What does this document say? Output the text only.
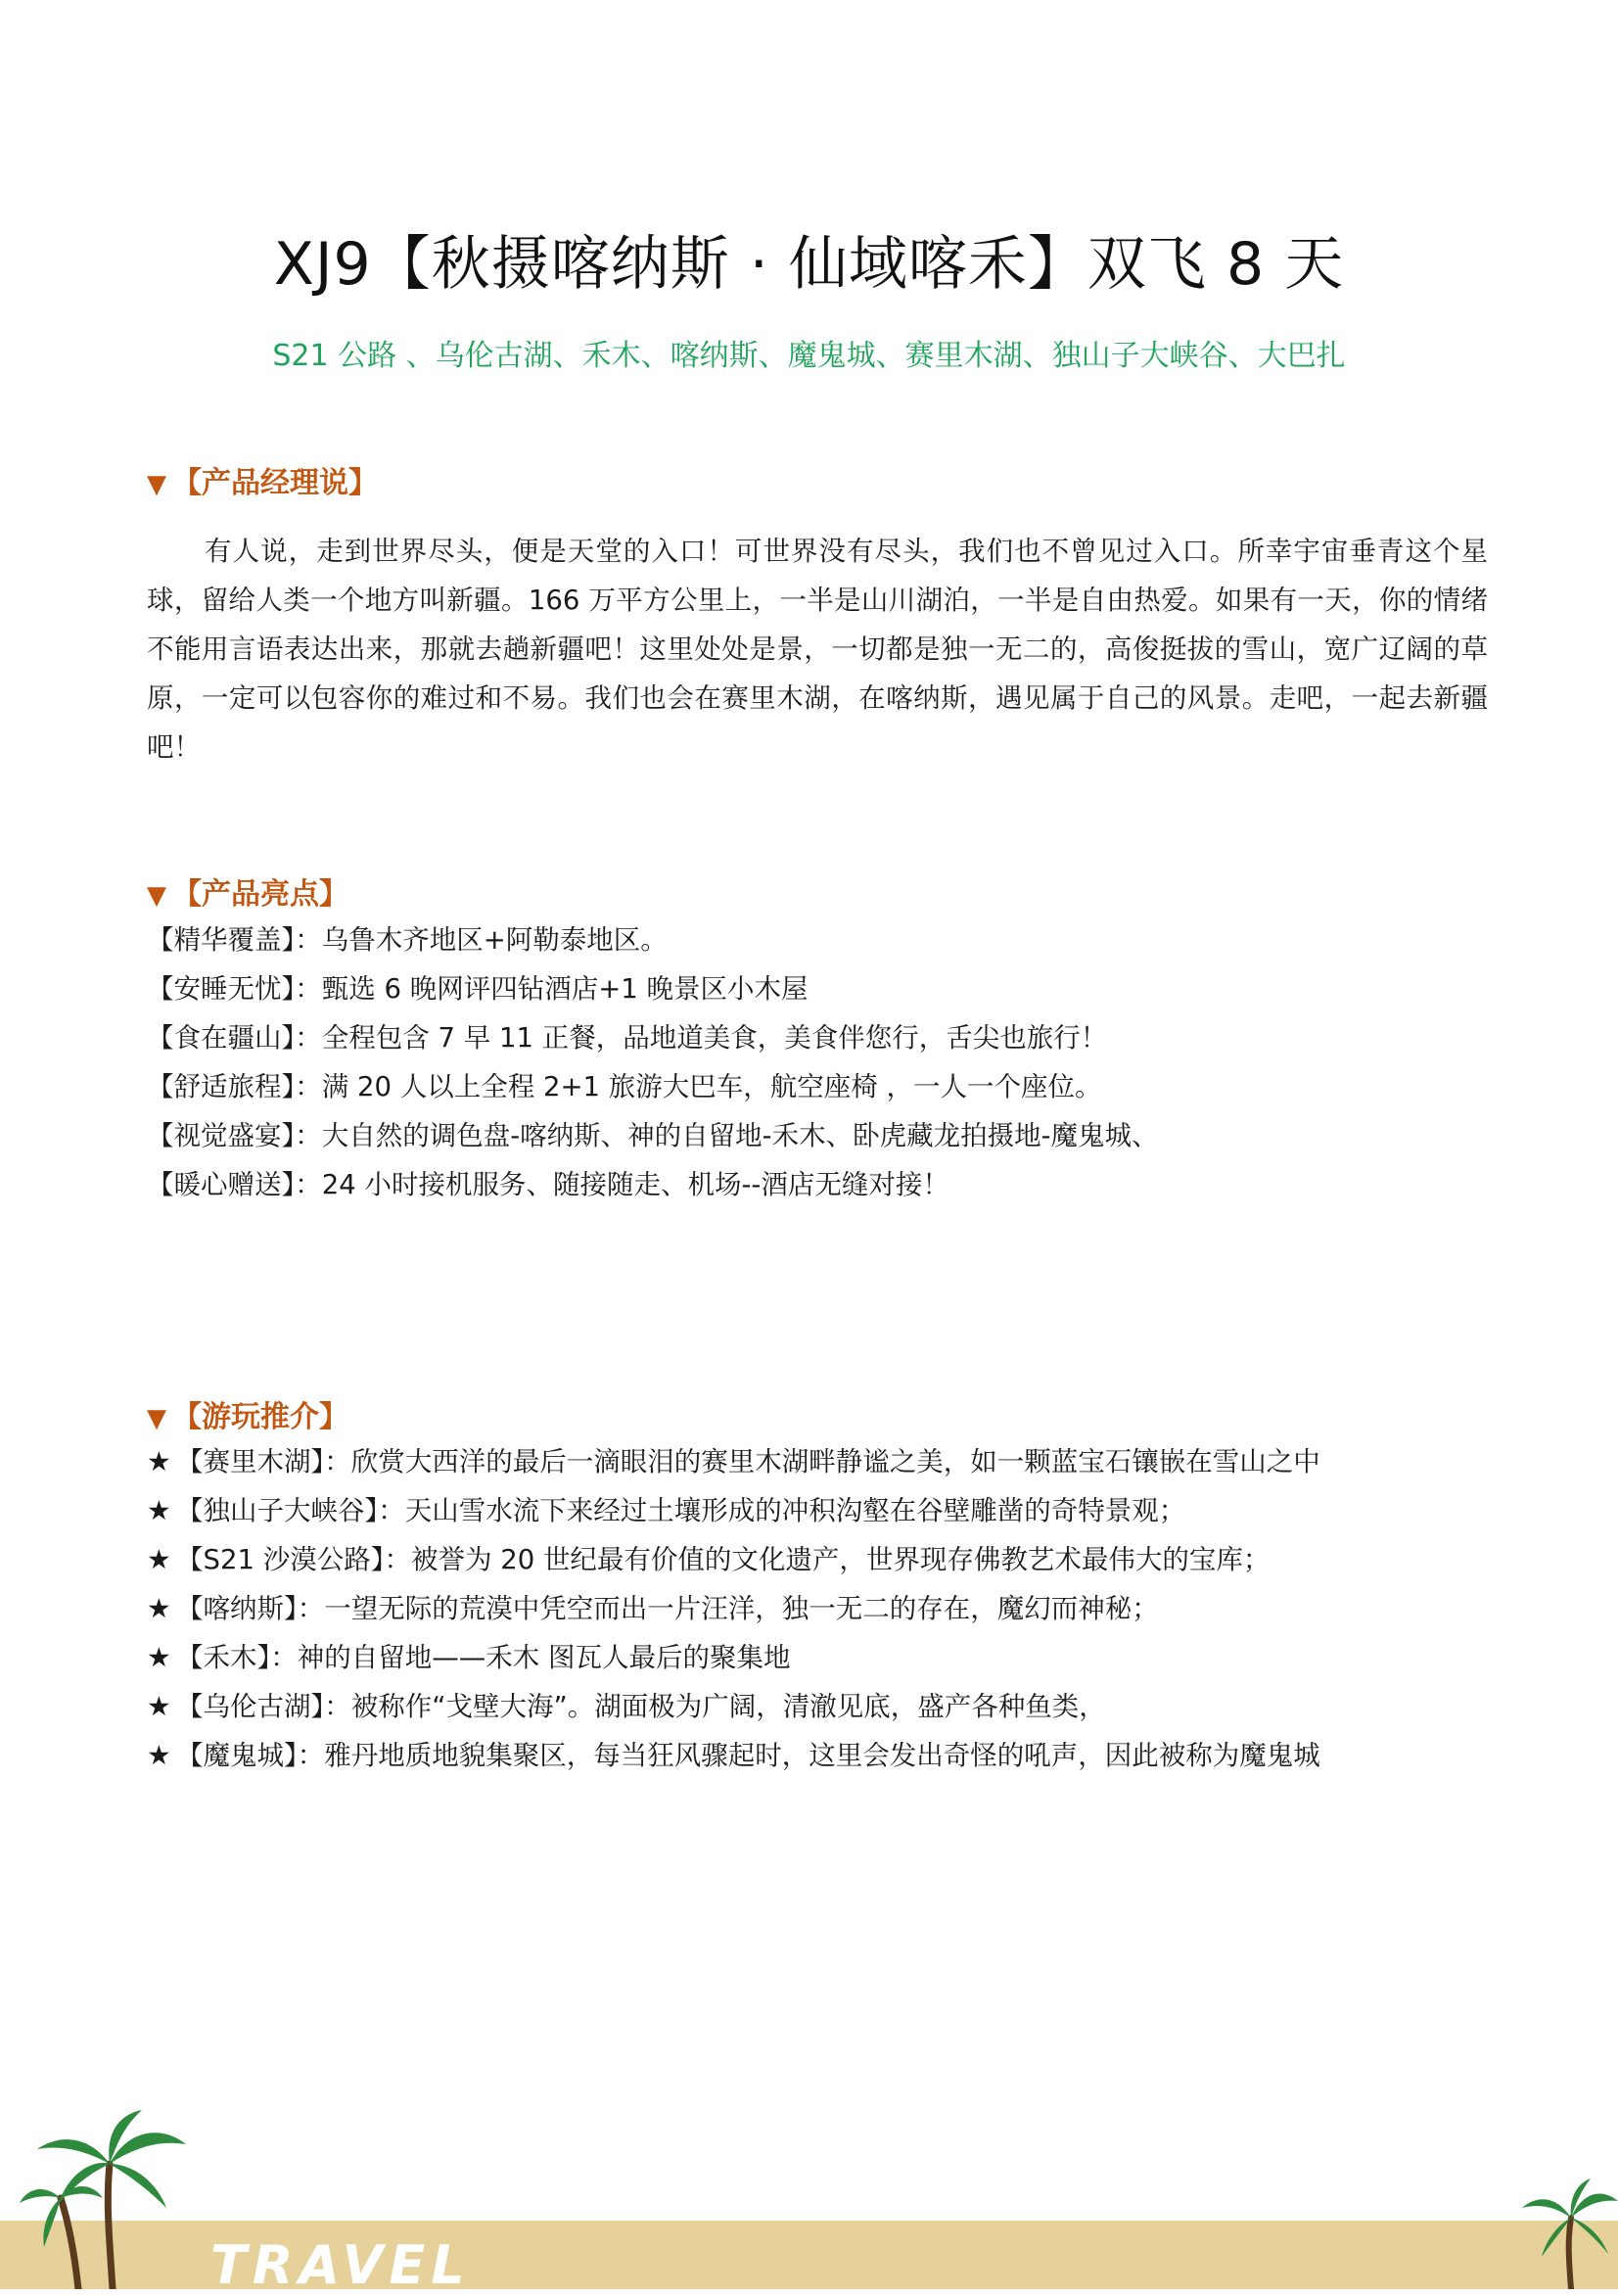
XJ9【秋摄喀纳斯 · 仙域喀禾】双飞 8 天
S21 公路 、乌伦古湖、禾木、喀纳斯、魔鬼城、赛里木湖、独山子大峡谷、大巴扎
▼ 【产品经理说】
有人说，走到世界尽头，便是天堂的入口！可世界没有尽头，我们也不曾见过入口。所幸宇宙垂青这个星球，留给人类一个地方叫新疆。166 万平方公里上，一半是山川湖泊，一半是自由热爱。如果有一天，你的情绪不能用言语表达出来，那就去趟新疆吧！这里处处是景，一切都是独一无二的，高俊挺拔的雪山，宽广辽阔的草原，一定可以包容你的难过和不易。我们也会在赛里木湖，在喀纳斯，遇见属于自己的风景。走吧，一起去新疆吧！
▼ 【产品亮点】
【精华覆盖】：乌鲁木齐地区+阿勒泰地区。
【安睡无忧】：甄选 6 晚网评四钻酒店+1 晚景区小木屋
【食在疆山】：全程包含 7 早 11 正餐，品地道美食，美食伴您行，舌尖也旅行！
【舒适旅程】：满 20 人以上全程 2+1 旅游大巴车，航空座椅 ，一人一个座位。
【视觉盛宴】：大自然的调色盘-喀纳斯、神的自留地-禾木、卧虎藏龙拍摄地-魔鬼城、
【暖心赠送】：24 小时接机服务、随接随走、机场--酒店无缝对接！
▼ 【游玩推介】
★ 【赛里木湖】：欣赏大西洋的最后一滴眼泪的赛里木湖畔静谧之美，如一颗蓝宝石镶嵌在雪山之中
★ 【独山子大峡谷】：天山雪水流下来经过土壤形成的冲积沟壑在谷壁雕凿的奇特景观；
★ 【S21 沙漠公路】：被誉为 20 世纪最有价值的文化遗产，世界现存佛教艺术最伟大的宝库；
★ 【喀纳斯】：一望无际的荒漠中凭空而出一片汪洋，独一无二的存在，魔幻而神秘；
★ 【禾木】：神的自留地——禾木 图瓦人最后的聚集地
★ 【乌伦古湖】：被称作“戈壁大海”。湖面极为广阔，清澈见底，盛产各种鱼类，
★ 【魔鬼城】：雅丹地质地貌集聚区，每当狂风骤起时，这里会发出奇怪的吼声，因此被称为魔鬼城
TRAVEL
